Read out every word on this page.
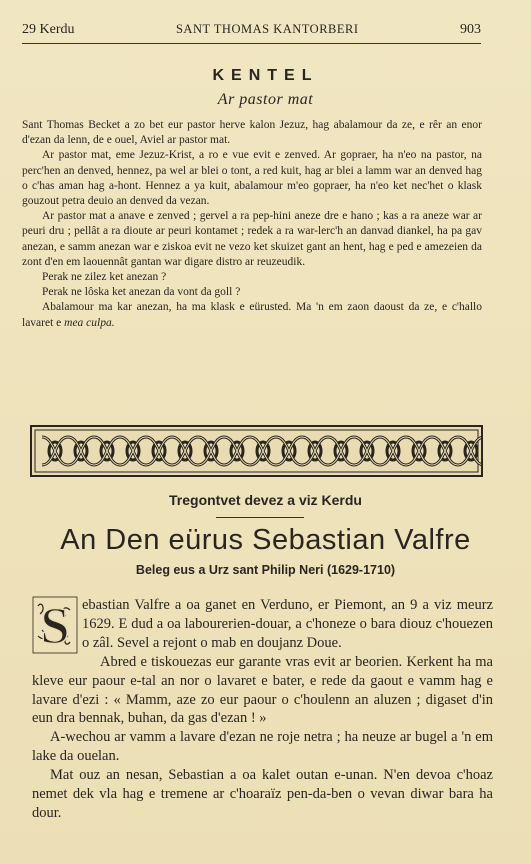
29 Kerdu	SANT THOMAS KANTORBERI	903
KENTEL
Ar pastor mat

Sant Thomas Becket a zo bet eur pastor herve kalon Jezuz, hag abalamour da ze, e rêr an enor d'ezan da lenn, de e ouel, Aviel ar pastor mat.

Ar pastor mat, eme Jezuz-Krist, a ro e vue evit e zenved. Ar gopraer, ha n'eo na pastor, na perc'hen an denved, hennez, pa wel ar blei o tont, a red kuit, hag ar blei a lamm war an denved hag o c'has aman hag a-hont. Hennez a ya kuit, abalamour m'eo gopraer, ha n'eo ket nec'het o klask gouzout petra deuio an denved da vezan.

Ar pastor mat a anave e zenved ; gervel a ra pep-hini aneze dre e hano ; kas a ra aneze war ar peuri dru ; pellât a ra dioute ar peuri kontamet ; redek a ra war-lerc'h an danvad diankel, ha pa gav anezan, e samm anezan war e ziskoa evit ne vezo ket skuizet gant an hent, hag e ped e amezeien da zont d'en em laouennât gantan war digare distro ar reuzeudik.

Perak ne zilez ket anezan ?

Perak ne lôska ket anezan da vont da goll ?

Abalamour ma kar anezan, ha ma klask e eürusted. Ma 'n em zaon daoust da ze, e c'hallo lavaret e mea culpa.

Tregontvet devez a viz Kerdu
An Den eürus Sebastian Valfre
Beleg eus a Urz sant Philip Neri (1629-1710)
S ebastian Valfre a oa ganet en Verduno, er Piemont, an 9 a viz meurz 1629. E dud a oa labourerien-douar, a c'honeze o bara diouz c'houezen o zâl. Sevel a rejont o mab en doujanz Doue.

Abred e tiskouezas eur garante vras evit ar beorien. Kerkent ha ma kleve eur paour e-tal an nor o lavaret e bater, e rede da gaout e vamm hag e lavare d'ezi : « Mamm, aze zo eur paour o c'houlenn an aluzen ; digaset d'in eun dra bennak, buhan, da gas d'ezan ! »

A-wechou ar vamm a lavare d'ezan ne roje netra ; ha neuze ar bugel a 'n em lake da ouelan.

Mat ouz an nesan, Sebastian a oa kalet outan e-unan. N'en devoa c'hoaz nemet dek vla hag e tremene ar c'hoaraïz pen-da-ben o vevan diwar bara ha dour.
